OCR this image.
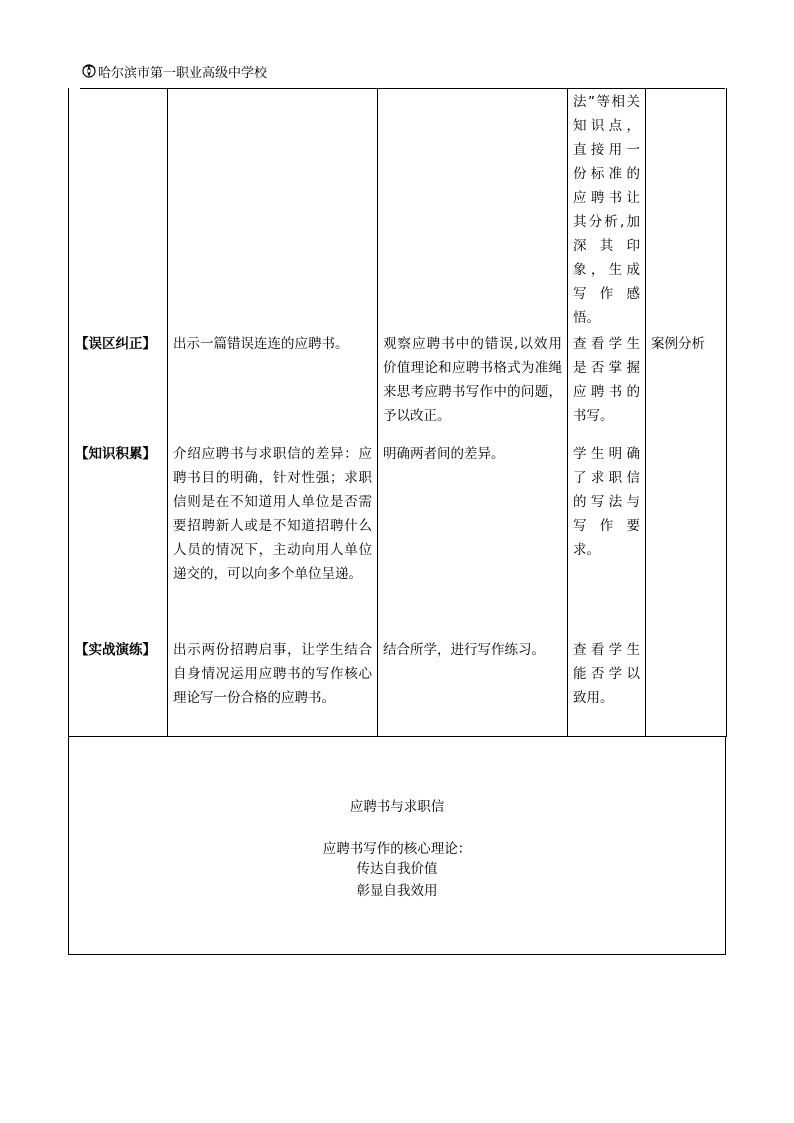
哈尔滨市第一职业高级中学校
			法”等相关知识点，直接用一份标准的应聘书让其分析,加深其印象，生成写作感悟。	
【误区纠正】	出示一篇错误连连的应聘书。	观察应聘书中的错误,以效用价值理论和应聘书格式为准绳来思考应聘书写作中的问题，予以改正。	查看学生是否掌握应聘书的书写。	案例分析
【知识积累】	介绍应聘书与求职信的差异：应聘书目的明确，针对性强；求职信则是在不知道用人单位是否需要招聘新人或是不知道招聘什么人员的情况下，主动向用人单位递交的，可以向多个单位呈递。	明确两者间的差异。	学生明确了求职信的写法与写作要求。	
【实战演练】	出示两份招聘启事，让学生结合自身情况运用应聘书的写作核心理论写一份合格的应聘书。	结合所学，进行写作练习。	查看学生能否学以致用。	
应聘书与求职信
应聘书写作的核心理论：
传达自我价值
彰显自我效用
